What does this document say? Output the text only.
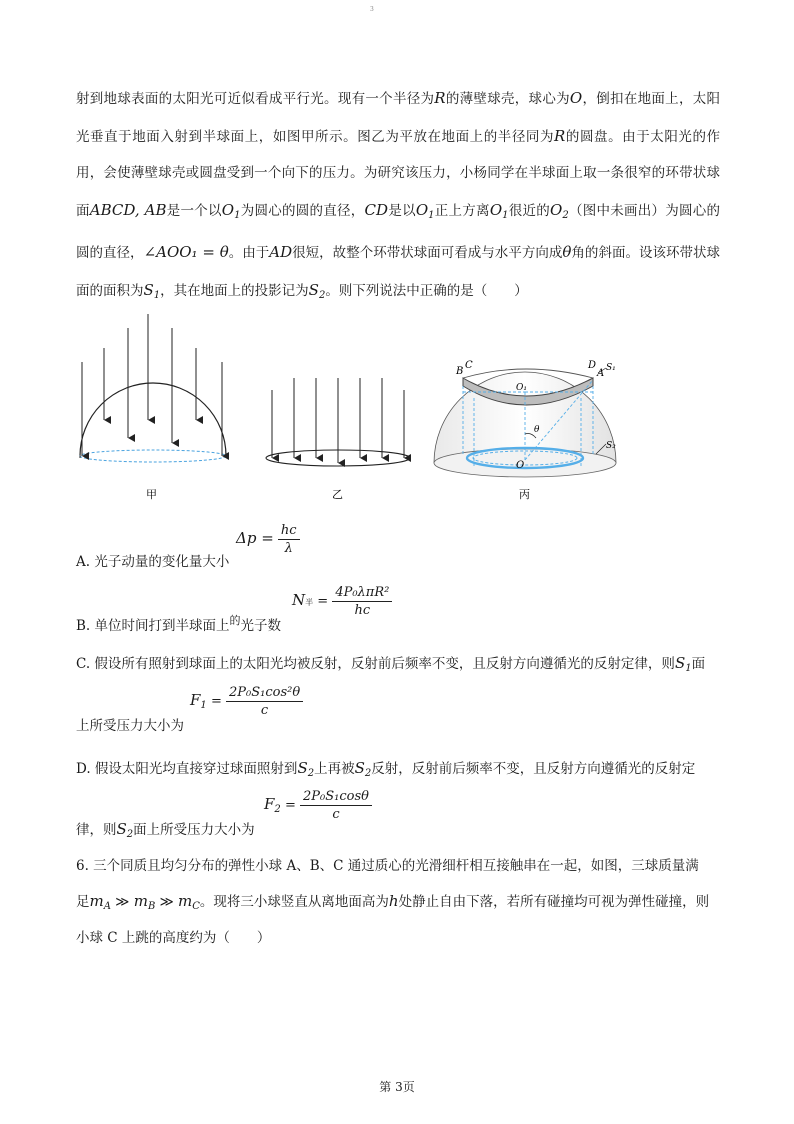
3
射到地球表面的太阳光可近似看成平行光。现有一个半径为R的薄壁球壳，球心为O，倒扣在地面上，太阳光垂直于地面入射到半球面上，如图甲所示。图乙为平放在地面上的半径同为R的圆盘。由于太阳光的作用，会使薄壁球壳或圆盘受到一个向下的压力。为研究该压力，小杨同学在半球面上取一条很窄的环带状球面ABCD, AB是一个以$O_1$为圆心的圆的直径，CD是以$O_1$正上方离$O_1$很近的$O_2$（图中未画出）为圆心的圆的直径，∠AOO₁ = θ。由于AD很短，故整个环带状球面可看成与水平方向成θ角的斜面。设该环带状球面的面积为$S_1$，其在地面上的投影记为$S_2$。则下列说法中正确的是（　　）
B
C	D
A S₁
S₂
O₁
O
θ
甲	乙	丙
A. 光子动量的变化量大小
$\Delta p = \frac{hc}{\lambda}$
B. 单位时间打到半球面上$^的$光子数
N半 = $\frac{\text{4P₀λπR²}}{hc}$
C. 假设所有照射到球面上的太阳光均被反射，反射前后频率不变，且反射方向遵循光的反射定律，则$S_1$面
上所受压力大小为
$F_1 = \frac{\text{2P₀S₁cos²θ}}{c}$
D. 假设太阳光均直接穿过球面照射到$S_2$上再被$S_2$反射，反射前后频率不变，且反射方向遵循光的反射定
律，则$S_2$面上所受压力大小为
$F_2 = \frac{\text{2P₀S₁cosθ}}{c}$
6. 三个同质且均匀分布的弹性小球 A、B、C 通过质心的光滑细杆相互接触串在一起，如图，三球质量满
足$m_A$ ≫ $m_B$ ≫ $m_C$。现将三小球竖直从离地面高为h处静止自由下落，若所有碰撞均可视为弹性碰撞，则
小球 C 上跳的高度约为（　　）
第 3页
